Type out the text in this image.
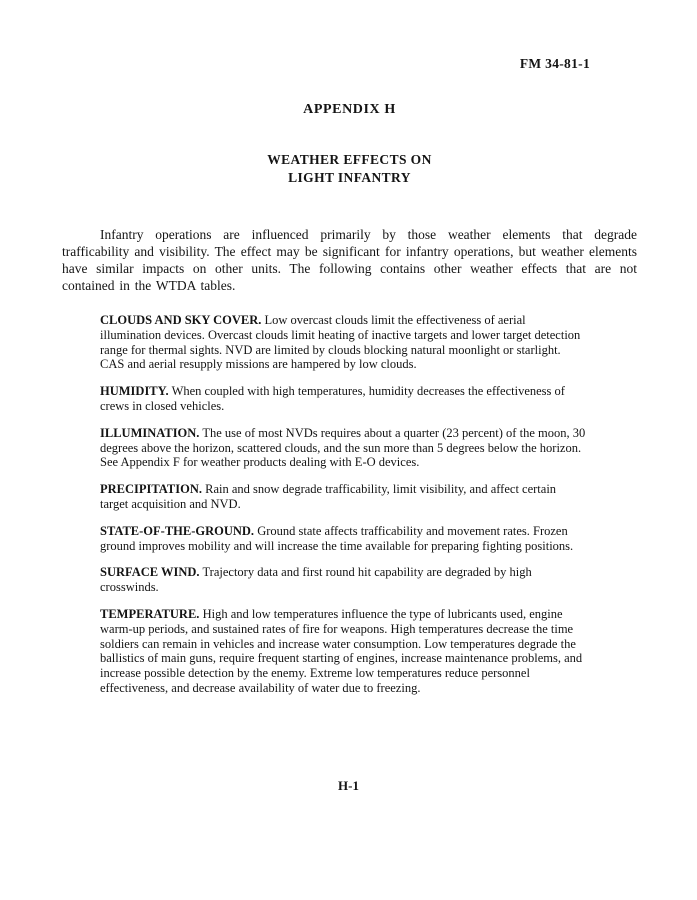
FM 34-81-1
APPENDIX H
WEATHER EFFECTS ON
LIGHT INFANTRY

Infantry operations are influenced primarily by those weather elements that degrade trafficability and visibility. The effect may be significant for infantry operations, but weather elements have similar impacts on other units. The following contains other weather effects that are not contained in the WTDA tables.

CLOUDS AND SKY COVER. Low overcast clouds limit the effectiveness of aerial illumination devices. Overcast clouds limit heating of inactive targets and lower target detection range for thermal sights. NVD are limited by clouds blocking natural moonlight or starlight. CAS and aerial resupply missions are hampered by low clouds.

HUMIDITY. When coupled with high temperatures, humidity decreases the effectiveness of crews in closed vehicles.

ILLUMINATION. The use of most NVDs requires about a quarter (23 percent) of the moon, 30 degrees above the horizon, scattered clouds, and the sun more than 5 degrees below the horizon. See Appendix F for weather products dealing with E-O devices.

PRECIPITATION. Rain and snow degrade trafficability, limit visibility, and affect certain target acquisition and NVD.

STATE-OF-THE-GROUND. Ground state affects trafficability and movement rates. Frozen ground improves mobility and will increase the time available for preparing fighting positions.

SURFACE WIND. Trajectory data and first round hit capability are degraded by high crosswinds.

TEMPERATURE. High and low temperatures influence the type of lubricants used, engine warm-up periods, and sustained rates of fire for weapons. High temperatures decrease the time soldiers can remain in vehicles and increase water consumption. Low temperatures degrade the ballistics of main guns, require frequent starting of engines, increase maintenance problems, and increase possible detection by the enemy. Extreme low temperatures reduce personnel effectiveness, and decrease availability of water due to freezing.

H-1
